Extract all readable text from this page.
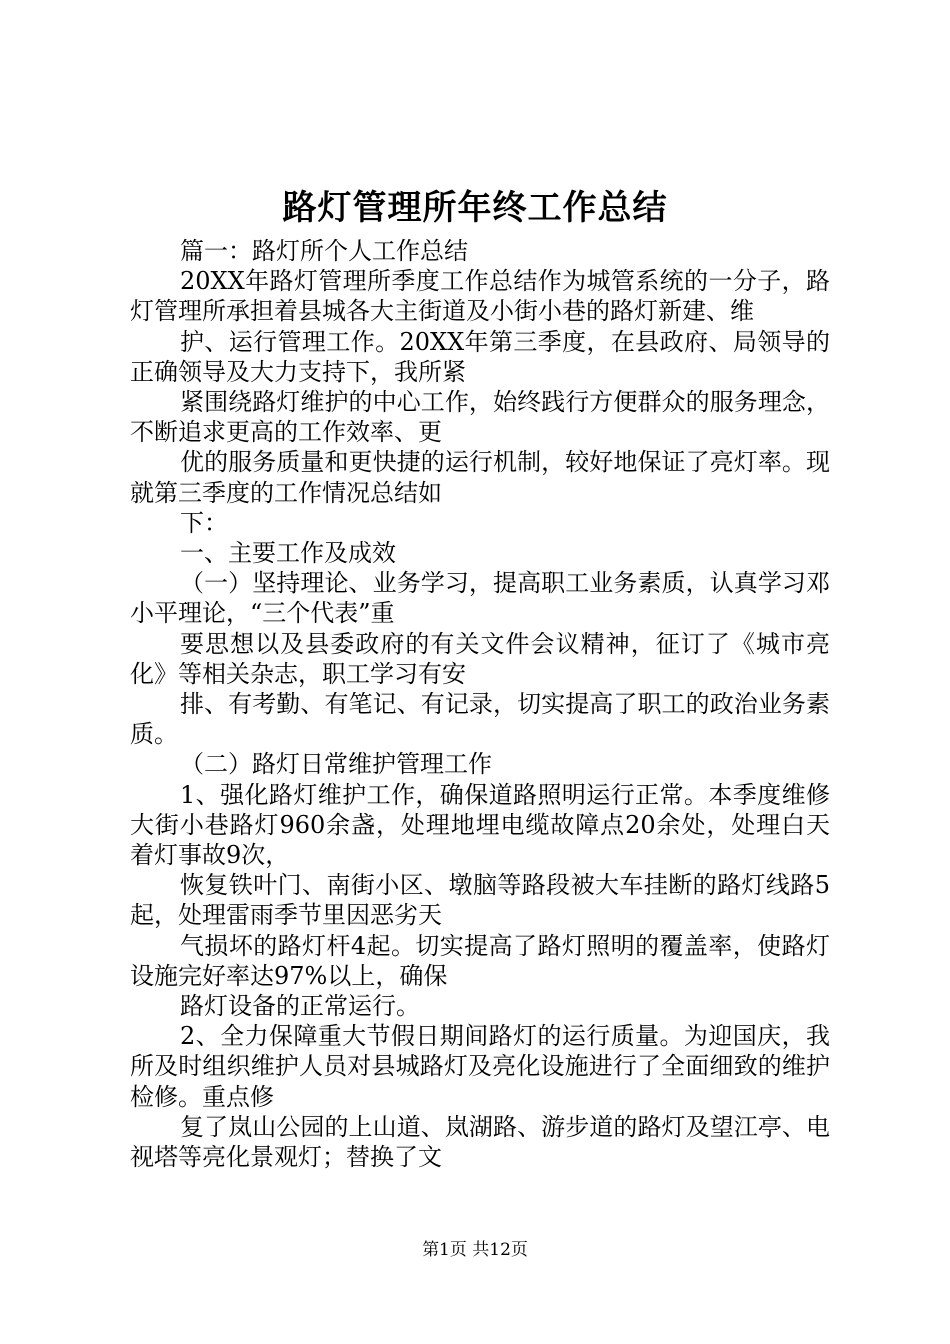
路灯管理所年终工作总结

篇一：路灯所个人工作总结

20XX年路灯管理所季度工作总结作为城管系统的一分子，路灯管理所承担着县城各大主街道及小街小巷的路灯新建、维

护、运行管理工作。20XX年第三季度，在县政府、局领导的正确领导及大力支持下，我所紧

紧围绕路灯维护的中心工作，始终践行方便群众的服务理念，不断追求更高的工作效率、更

优的服务质量和更快捷的运行机制，较好地保证了亮灯率。现就第三季度的工作情况总结如

下：

一、主要工作及成效

（一）坚持理论、业务学习，提高职工业务素质，认真学习邓小平理论，“三个代表”重

要思想以及县委政府的有关文件会议精神，征订了《城市亮化》等相关杂志，职工学习有安

排、有考勤、有笔记、有记录，切实提高了职工的政治业务素质。

（二）路灯日常维护管理工作

1、强化路灯维护工作，确保道路照明运行正常。本季度维修大街小巷路灯960余盏，处理地埋电缆故障点20余处，处理白天着灯事故9次，

恢复铁叶门、南街小区、墩脑等路段被大车挂断的路灯线路5起，处理雷雨季节里因恶劣天

气损坏的路灯杆4起。切实提高了路灯照明的覆盖率，使路灯设施完好率达97%以上，确保

路灯设备的正常运行。

2、全力保障重大节假日期间路灯的运行质量。为迎国庆，我所及时组织维护人员对县城路灯及亮化设施进行了全面细致的维护检修。重点修

复了岚山公园的上山道、岚湖路、游步道的路灯及望江亭、电视塔等亮化景观灯；替换了文

第1页 共12页
